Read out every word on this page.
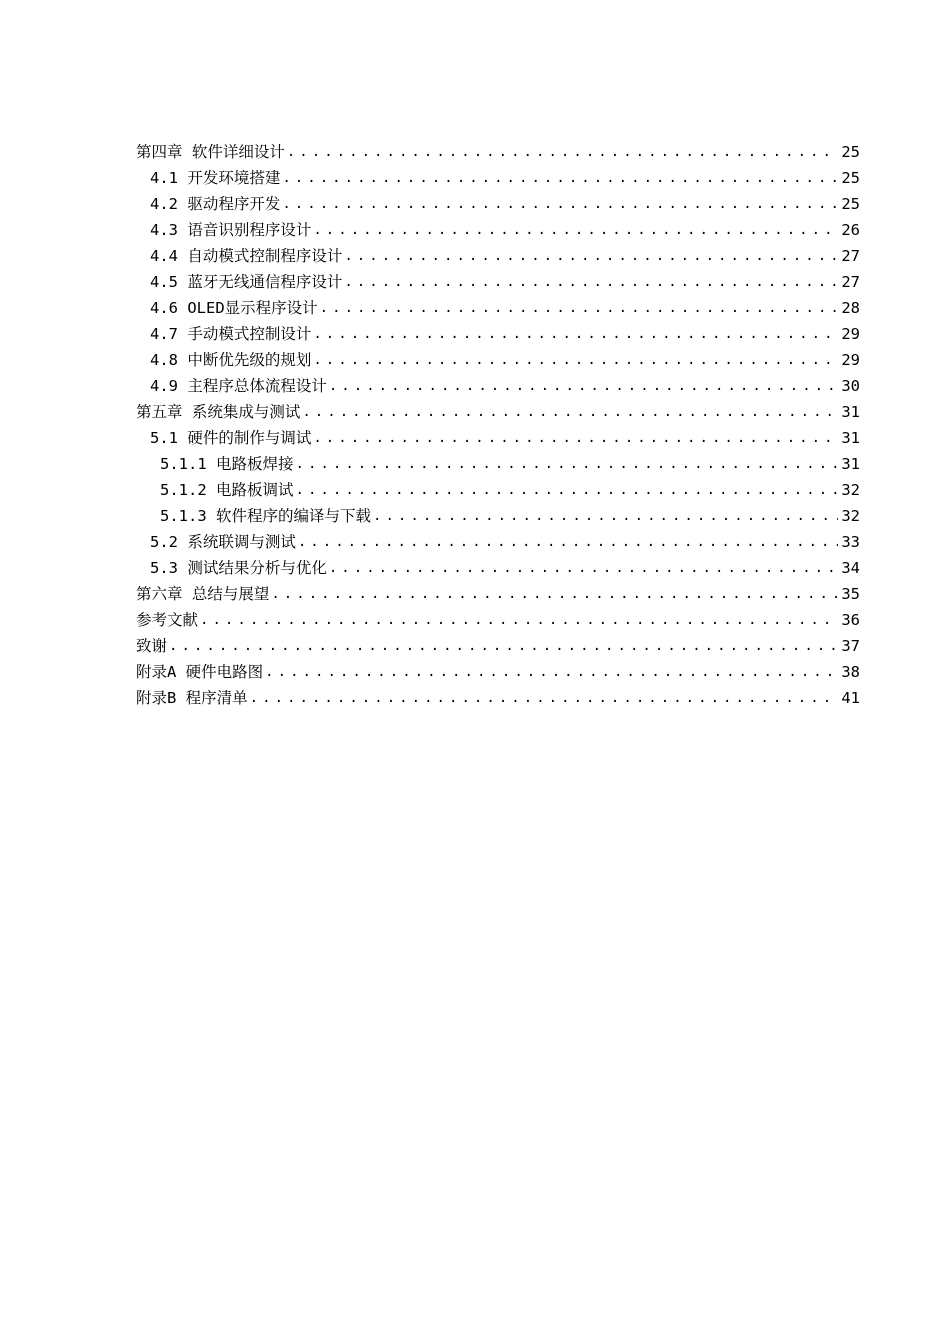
第四章 软件详细设计 . . .	25
4.1 开发环境搭建 . . .	25
4.2 驱动程序开发 . . .	25
4.3 语音识别程序设计 . . .	26
4.4 自动模式控制程序设计 . . .	27
4.5 蓝牙无线通信程序设计 . . .	27
4.6 OLED显示程序设计 . . .	28
4.7 手动模式控制设计 . . .	29
4.8 中断优先级的规划 . . .	29
4.9 主程序总体流程设计 . . .	30
第五章 系统集成与测试 . . .	31
5.1 硬件的制作与调试 . . .	31
5.1.1 电路板焊接 . . .	31
5.1.2 电路板调试 . . .	32
5.1.3 软件程序的编译与下载 . . .	32
5.2 系统联调与测试 . . .	33
5.3 测试结果分析与优化 . . .	34
第六章 总结与展望 . . .	35
参考文献 . . .	36
致谢 . . .	37
附录A 硬件电路图 . . .	38
附录B 程序清单 . . .	41
